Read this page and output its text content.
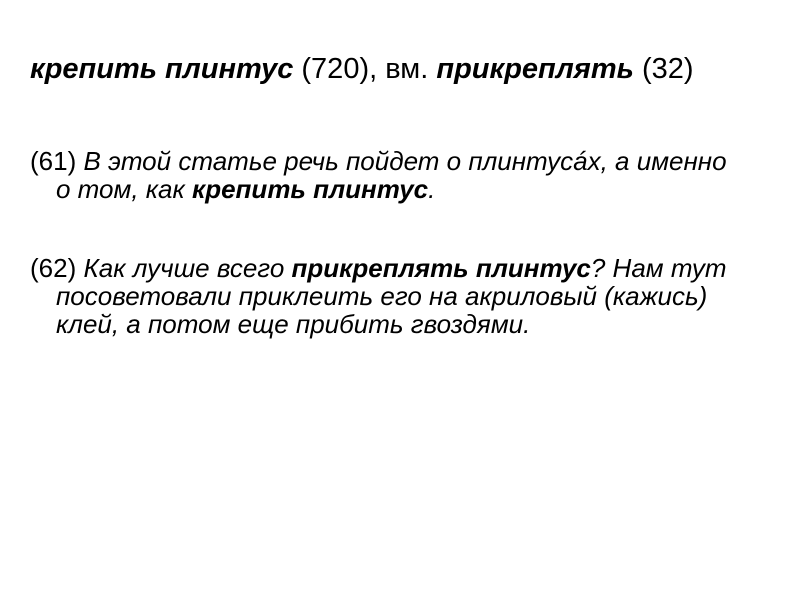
крепить плинтус (720), вм. прикреплять (32)
(61) В этой статье речь пойдет о плинтусáх, а именно
о том, как крепить плинтус.
(62) Как лучше всего прикреплять плинтус? Нам тут
посоветовали приклеить его на акриловый (кажись)
клей, а потом еще прибить гвоздями.
